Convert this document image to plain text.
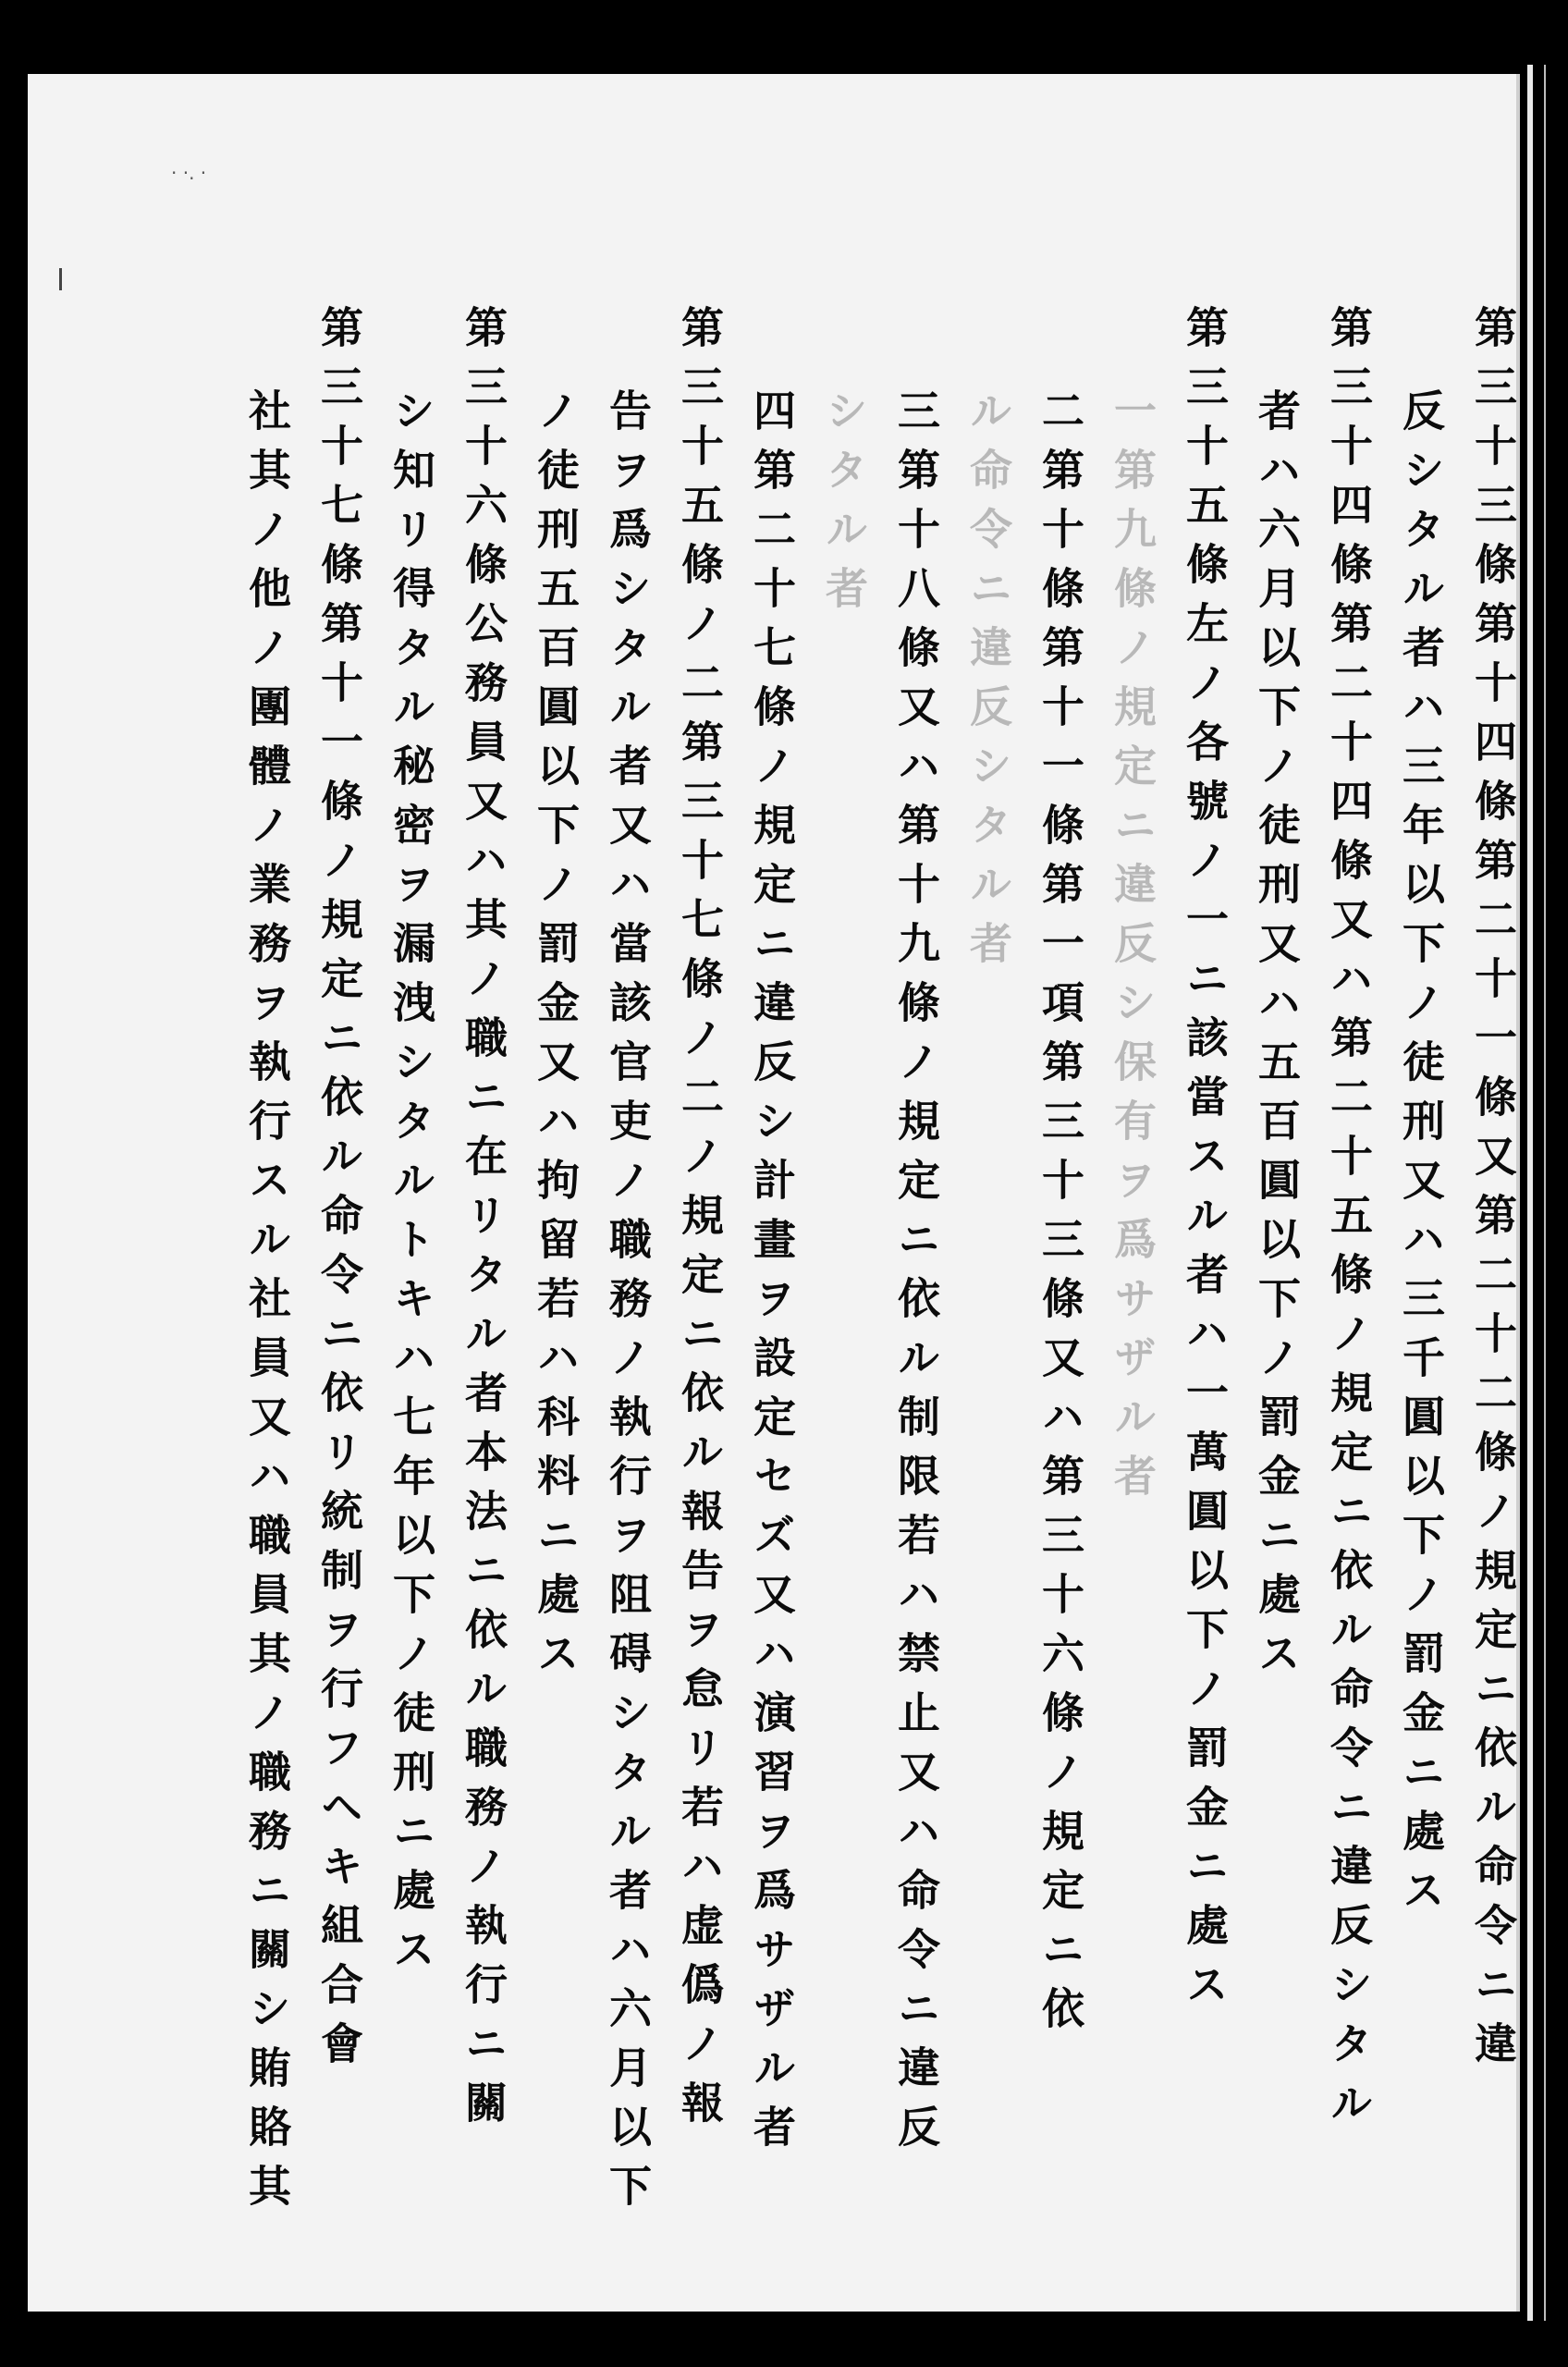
· ·. ·
第三十三條第十四條第二十一條又第二十二條ノ規定ニ依ル命令ニ違
反シタル者ハ三年以下ノ徒刑又ハ三千圓以下ノ罰金ニ處ス
第三十四條第二十四條又ハ第二十五條ノ規定ニ依ル命令ニ違反シタル
者ハ六月以下ノ徒刑又ハ五百圓以下ノ罰金ニ處ス
第三十五條左ノ各號ノ一ニ該當スル者ハ一萬圓以下ノ罰金ニ處ス
一第九條ノ規定ニ違反シ保有ヲ爲サザル者
二第十條第十一條第一項第三十三條又ハ第三十六條ノ規定ニ依
ル命令ニ違反シタル者
三第十八條又ハ第十九條ノ規定ニ依ル制限若ハ禁止又ハ命令ニ違反
シタル者
四第二十七條ノ規定ニ違反シ計畫ヲ設定セズ又ハ演習ヲ爲サザル者
第三十五條ノ二第三十七條ノ二ノ規定ニ依ル報告ヲ怠リ若ハ虚僞ノ報
告ヲ爲シタル者又ハ當該官吏ノ職務ノ執行ヲ阻碍シタル者ハ六月以下
ノ徒刑五百圓以下ノ罰金又ハ拘留若ハ科料ニ處ス
第三十六條公務員又ハ其ノ職ニ在リタル者本法ニ依ル職務ノ執行ニ關
シ知リ得タル秘密ヲ漏洩シタルトキハ七年以下ノ徒刑ニ處ス
第三十七條第十一條ノ規定ニ依ル命令ニ依リ統制ヲ行フヘキ組合會
社其ノ他ノ團體ノ業務ヲ執行スル社員又ハ職員其ノ職務ニ關シ賄賂其
